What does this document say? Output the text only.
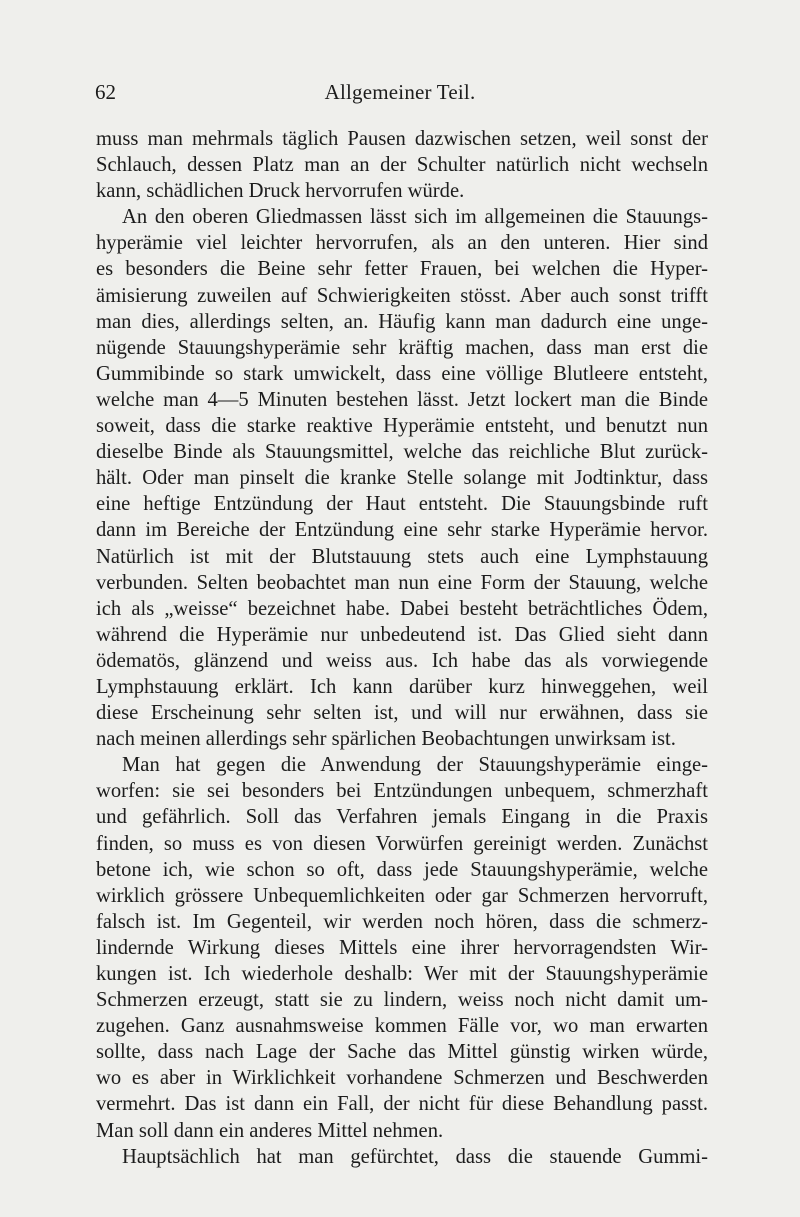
62	Allgemeiner Teil.
muss man mehrmals täglich Pausen dazwischen setzen, weil sonst der
Schlauch, dessen Platz man an der Schulter natürlich nicht wechseln
kann, schädlichen Druck hervorrufen würde.
An den oberen Gliedmassen lässt sich im allgemeinen die Stauungs-
hyperämie viel leichter hervorrufen, als an den unteren. Hier sind
es besonders die Beine sehr fetter Frauen, bei welchen die Hyper-
ämisierung zuweilen auf Schwierigkeiten stösst. Aber auch sonst trifft
man dies, allerdings selten, an. Häufig kann man dadurch eine unge-
nügende Stauungshyperämie sehr kräftig machen, dass man erst die
Gummibinde so stark umwickelt, dass eine völlige Blutleere entsteht,
welche man 4—5 Minuten bestehen lässt. Jetzt lockert man die Binde
soweit, dass die starke reaktive Hyperämie entsteht, und benutzt nun
dieselbe Binde als Stauungsmittel, welche das reichliche Blut zurück-
hält. Oder man pinselt die kranke Stelle solange mit Jodtinktur, dass
eine heftige Entzündung der Haut entsteht. Die Stauungsbinde ruft
dann im Bereiche der Entzündung eine sehr starke Hyperämie hervor.
Natürlich ist mit der Blutstauung stets auch eine Lymphstauung
verbunden. Selten beobachtet man nun eine Form der Stauung, welche
ich als „weisse“ bezeichnet habe. Dabei besteht beträchtliches Ödem,
während die Hyperämie nur unbedeutend ist. Das Glied sieht dann
ödematös, glänzend und weiss aus. Ich habe das als vorwiegende
Lymphstauung erklärt. Ich kann darüber kurz hinweggehen, weil
diese Erscheinung sehr selten ist, und will nur erwähnen, dass sie
nach meinen allerdings sehr spärlichen Beobachtungen unwirksam ist.
Man hat gegen die Anwendung der Stauungshyperämie einge-
worfen: sie sei besonders bei Entzündungen unbequem, schmerzhaft
und gefährlich. Soll das Verfahren jemals Eingang in die Praxis
finden, so muss es von diesen Vorwürfen gereinigt werden. Zunächst
betone ich, wie schon so oft, dass jede Stauungshyperämie, welche
wirklich grössere Unbequemlichkeiten oder gar Schmerzen hervorruft,
falsch ist. Im Gegenteil, wir werden noch hören, dass die schmerz-
lindernde Wirkung dieses Mittels eine ihrer hervorragendsten Wir-
kungen ist. Ich wiederhole deshalb: Wer mit der Stauungshyperämie
Schmerzen erzeugt, statt sie zu lindern, weiss noch nicht damit um-
zugehen. Ganz ausnahmsweise kommen Fälle vor, wo man erwarten
sollte, dass nach Lage der Sache das Mittel günstig wirken würde,
wo es aber in Wirklichkeit vorhandene Schmerzen und Beschwerden
vermehrt. Das ist dann ein Fall, der nicht für diese Behandlung passt.
Man soll dann ein anderes Mittel nehmen.
Hauptsächlich hat man gefürchtet, dass die stauende Gummi-
